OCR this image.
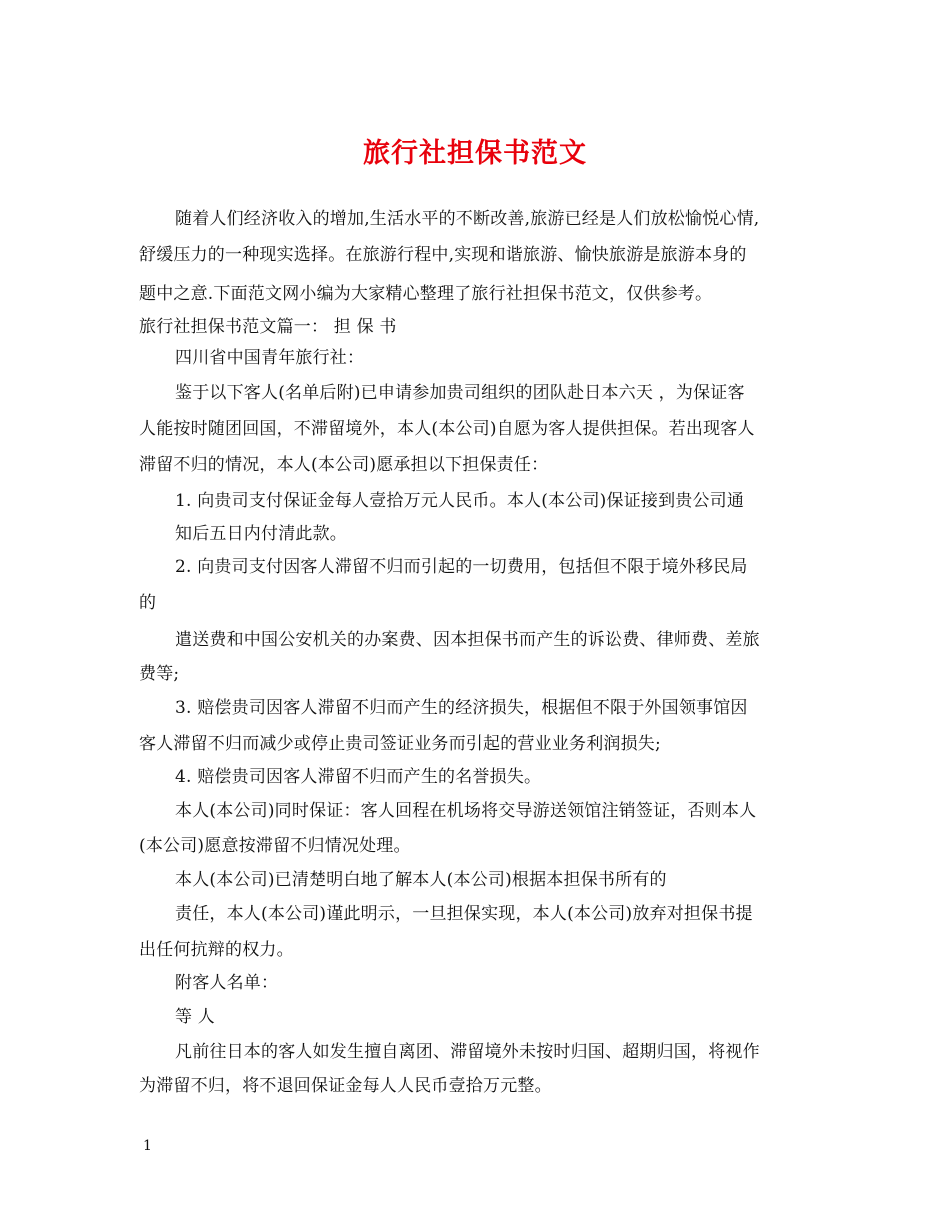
旅行社担保书范文
随着人们经济收入的增加,生活水平的不断改善,旅游已经是人们放松愉悦心情,
舒缓压力的一种现实选择。在旅游行程中,实现和谐旅游、愉快旅游是旅游本身的
题中之意.下面范文网小编为大家精心整理了旅行社担保书范文，仅供参考。
旅行社担保书范文篇一： 担 保 书
四川省中国青年旅行社：
鉴于以下客人(名单后附)已申请参加贵司组织的团队赴日本六天 ，为保证客
人能按时随团回国，不滞留境外，本人(本公司)自愿为客人提供担保。若出现客人
滞留不归的情况，本人(本公司)愿承担以下担保责任：
1. 向贵司支付保证金每人壹拾万元人民币。本人(本公司)保证接到贵公司通
知后五日内付清此款。
2. 向贵司支付因客人滞留不归而引起的一切费用，包括但不限于境外移民局
的
遣送费和中国公安机关的办案费、因本担保书而产生的诉讼费、律师费、差旅
费等;
3. 赔偿贵司因客人滞留不归而产生的经济损失，根据但不限于外国领事馆因
客人滞留不归而减少或停止贵司签证业务而引起的营业业务利润损失;
4. 赔偿贵司因客人滞留不归而产生的名誉损失。
本人(本公司)同时保证：客人回程在机场将交导游送领馆注销签证，否则本人
(本公司)愿意按滞留不归情况处理。
本人(本公司)已清楚明白地了解本人(本公司)根据本担保书所有的
责任，本人(本公司)谨此明示，一旦担保实现，本人(本公司)放弃对担保书提
出任何抗辩的权力。
附客人名单：
等 人
凡前往日本的客人如发生擅自离团、滞留境外未按时归国、超期归国，将视作
为滞留不归，将不退回保证金每人人民币壹拾万元整。
1
